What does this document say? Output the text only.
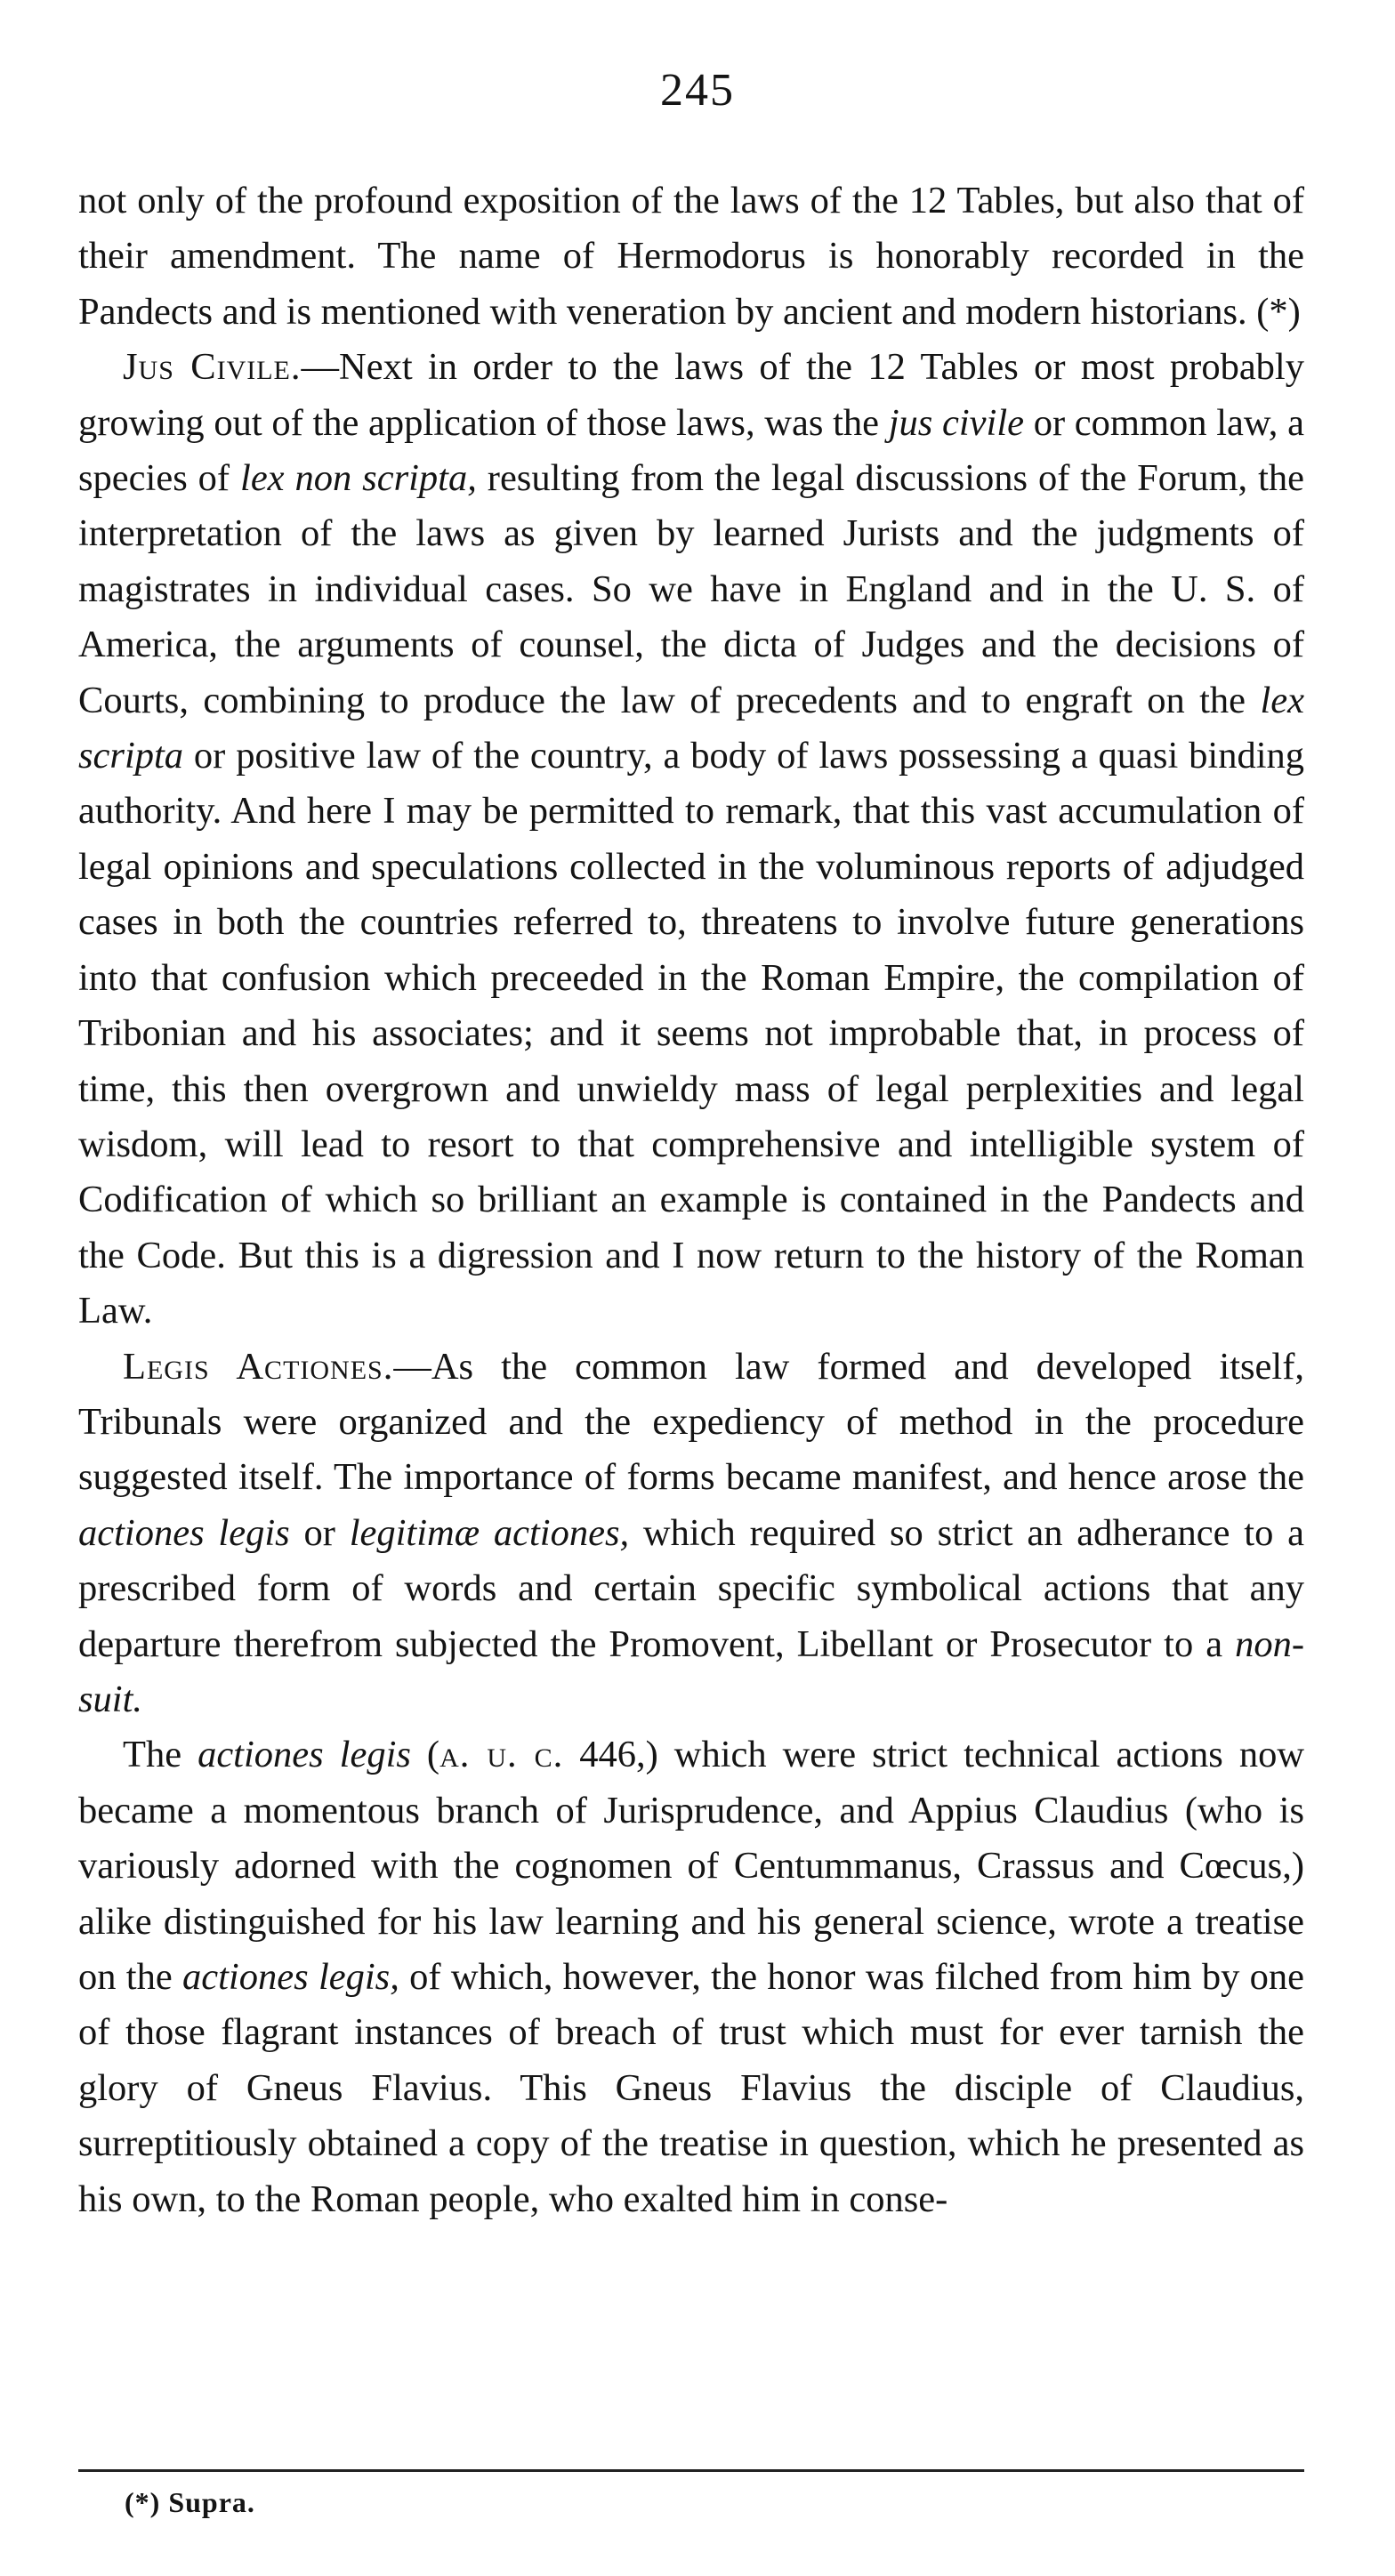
245

not only of the profound exposition of the laws of the 12 Tables, but also that of their amendment. The name of Hermodorus is honorably recorded in the Pandects and is mentioned with veneration by ancient and modern historians. (*)

Jus Civile.—Next in order to the laws of the 12 Tables or most probably growing out of the application of those laws, was the jus civile or common law, a species of lex non scripta, resulting from the legal discussions of the Forum, the interpretation of the laws as given by learned Jurists and the judgments of magistrates in individual cases. So we have in England and in the U. S. of America, the arguments of counsel, the dicta of Judges and the decisions of Courts, combining to produce the law of precedents and to engraft on the lex scripta or positive law of the country, a body of laws possessing a quasi binding authority. And here I may be permitted to remark, that this vast accumulation of legal opinions and speculations collected in the voluminous reports of adjudged cases in both the countries referred to, threatens to involve future generations into that confusion which preceeded in the Roman Empire, the compilation of Tribonian and his associates; and it seems not improbable that, in process of time, this then overgrown and unwieldy mass of legal perplexities and legal wisdom, will lead to resort to that comprehensive and intelligible system of Codification of which so brilliant an example is contained in the Pandects and the Code. But this is a digression and I now return to the history of the Roman Law.

Legis Actiones.—As the common law formed and developed itself, Tribunals were organized and the expediency of method in the procedure suggested itself. The importance of forms became manifest, and hence arose the actiones legis or legitimæ actiones, which required so strict an adherance to a prescribed form of words and certain specific symbolical actions that any departure therefrom subjected the Promovent, Libellant or Prosecutor to a non-suit.

The actiones legis (a. u. c. 446,) which were strict technical actions now became a momentous branch of Jurisprudence, and Appius Claudius (who is variously adorned with the cognomen of Centummanus, Crassus and Cœcus,) alike distinguished for his law learning and his general science, wrote a treatise on the actiones legis, of which, however, the honor was filched from him by one of those flagrant instances of breach of trust which must for ever tarnish the glory of Gneus Flavius. This Gneus Flavius the disciple of Claudius, surreptitiously obtained a copy of the treatise in question, which he presented as his own, to the Roman people, who exalted him in conse-

(*) Supra.
